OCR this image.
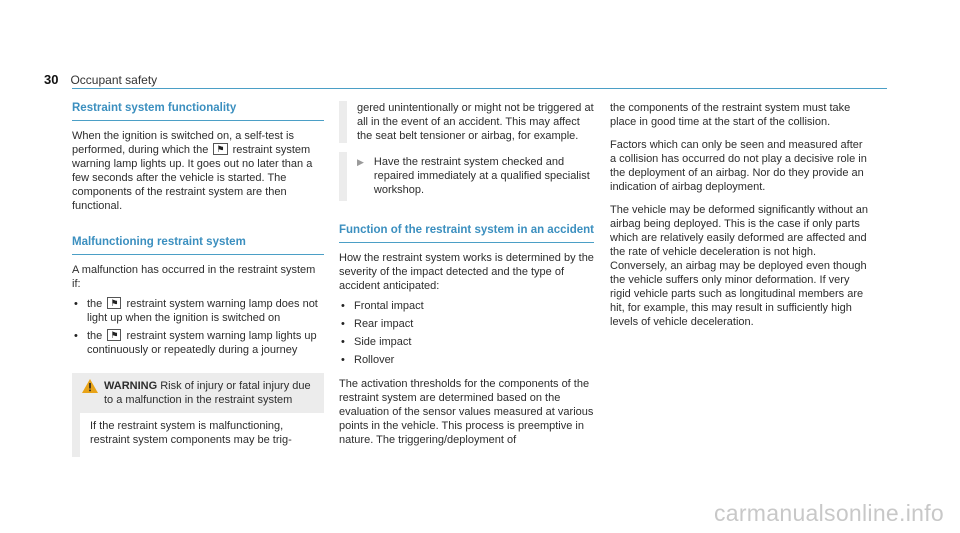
30 Occupant safety
Restraint system functionality

When the ignition is switched on, a self-test is performed, during which the ⚑ restraint system warning lamp lights up. It goes out no later than a few seconds after the vehicle is started. The components of the restraint system are then functional.

Malfunctioning restraint system

A malfunction has occurred in the restraint system if:

• the ⚑ restraint system warning lamp does not light up when the ignition is switched on
• the ⚑ restraint system warning lamp lights up continuously or repeatedly during a journey
WARNING Risk of injury or fatal injury due to a malfunction in the restraint system
If the restraint system is malfunctioning, restraint system components may be trig-

gered unintentionally or might not be triggered at all in the event of an accident. This may affect the seat belt tensioner or airbag, for example.

▶ Have the restraint system checked and repaired immediately at a qualified specialist workshop.
Function of the restraint system in an accident

How the restraint system works is determined by the severity of the impact detected and the type of accident anticipated:

• Frontal impact
• Rear impact
• Side impact
• Rollover

The activation thresholds for the components of the restraint system are determined based on the evaluation of the sensor values measured at various points in the vehicle. This process is preemptive in nature. The triggering/deployment of

the components of the restraint system must take place in good time at the start of the collision.

Factors which can only be seen and measured after a collision has occurred do not play a decisive role in the deployment of an airbag. Nor do they provide an indication of airbag deployment.

The vehicle may be deformed significantly without an airbag being deployed. This is the case if only parts which are relatively easily deformed are affected and the rate of vehicle deceleration is not high. Conversely, an airbag may be deployed even though the vehicle suffers only minor deformation. If very rigid vehicle parts such as longitudinal members are hit, for example, this may result in sufficiently high levels of vehicle deceleration.

carmanualsonline.info
